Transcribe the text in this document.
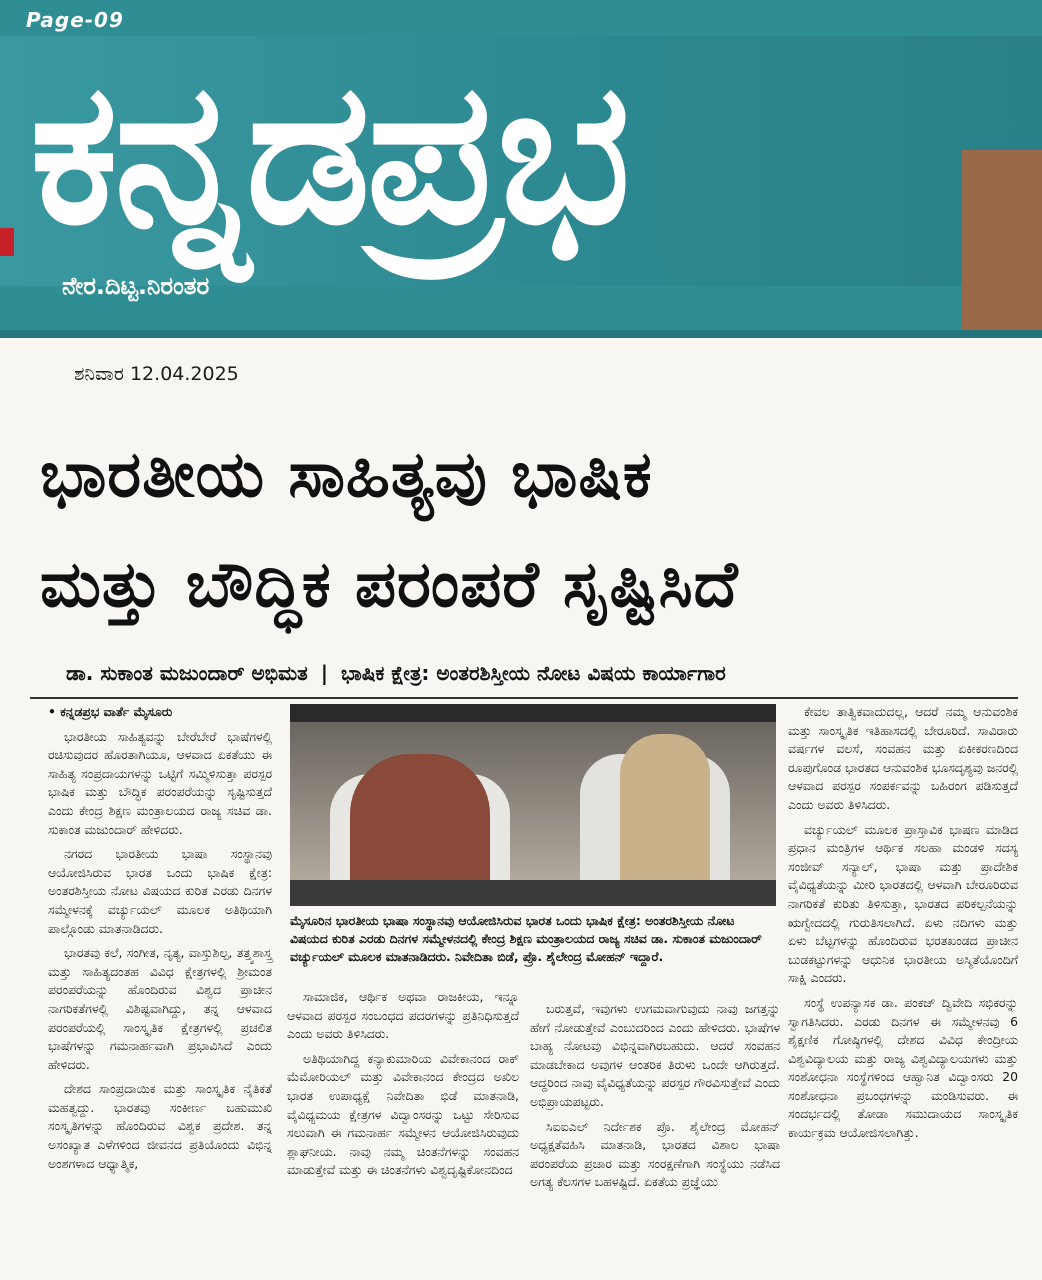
Page-09
ಕನ್ನಡಪ್ರಭ
ನೇರ.ದಿಟ್ಟ.ನಿರಂತರ
ಶನಿವಾರ 12.04.2025
ಭಾರತೀಯ ಸಾಹಿತ್ಯವು ಭಾಷಿಕ
ಮತ್ತು ಬೌದ್ಧಿಕ ಪರಂಪರೆ ಸೃಷ್ಟಿಸಿದೆ
ಡಾ. ಸುಕಾಂತ ಮಜುಂದಾರ್ ಅಭಿಮತ | ಭಾಷಿಕ ಕ್ಷೇತ್ರ: ಅಂತರಶಿಸ್ತೀಯ ನೋಟ ವಿಷಯ ಕಾರ್ಯಾಗಾರ

• ಕನ್ನಡಪ್ರಭ ವಾರ್ತೆ ಮೈಸೂರು

ಭಾರತೀಯ ಸಾಹಿತ್ಯವನ್ನು ಬೇರೆಬೇರೆ ಭಾಷೆಗಳಲ್ಲಿ ರಚಿಸುವುದರ ಹೊರತಾಗಿಯೂ, ಆಳವಾದ ಏಕತೆಯು ಈ ಸಾಹಿತ್ಯ ಸಂಪ್ರದಾಯಗಳನ್ನು ಒಟ್ಟಿಗೆ ಸಮ್ಮಿಳಿಸುತ್ತಾ ಪರಸ್ಪರ ಭಾಷಿಕ ಮತ್ತು ಬೌದ್ಧಿಕ ಪರಂಪರೆಯನ್ನು ಸೃಷ್ಟಿಸುತ್ತದೆ ಎಂದು ಕೇಂದ್ರ ಶಿಕ್ಷಣ ಮಂತ್ರಾಲಯದ ರಾಜ್ಯ ಸಚಿವ ಡಾ. ಸುಕಾಂತ ಮಜುಂದಾರ್ ಹೇಳಿದರು.

ನಗರದ ಭಾರತೀಯ ಭಾಷಾ ಸಂಸ್ಥಾನವು ಆಯೋಜಿಸಿರುವ ಭಾರತ ಒಂದು ಭಾಷಿಕ ಕ್ಷೇತ್ರ: ಅಂತರಶಿಸ್ತೀಯ ನೋಟ ವಿಷಯದ ಕುರಿತ ಎರಡು ದಿನಗಳ ಸಮ್ಮೇಳನಕ್ಕೆ ವರ್ಚ್ಯುಯಲ್ ಮೂಲಕ ಅತಿಥಿಯಾಗಿ ಪಾಲ್ಗೊಂಡು ಮಾತನಾಡಿದರು.

ಭಾರತವು ಕಲೆ, ಸಂಗೀತ, ನೃತ್ಯ, ವಾಸ್ತುಶಿಲ್ಪ, ತತ್ತ್ವಶಾಸ್ತ್ರ ಮತ್ತು ಸಾಹಿತ್ಯದಂತಹ ವಿವಿಧ ಕ್ಷೇತ್ರಗಳಲ್ಲಿ ಶ್ರೀಮಂತ ಪರಂಪರೆಯನ್ನು ಹೊಂದಿರುವ ವಿಶ್ವದ ಪ್ರಾಚೀನ ನಾಗರಿಕತೆಗಳಲ್ಲಿ ವಿಶಿಷ್ಟವಾಗಿದ್ದು, ತನ್ನ ಆಳವಾದ ಪರಂಪರೆಯಲ್ಲಿ ಸಾಂಸ್ಕೃತಿಕ ಕ್ಷೇತ್ರಗಳಲ್ಲಿ ಪ್ರಚಲಿತ ಭಾಷೆಗಳನ್ನು ಗಮನಾರ್ಹವಾಗಿ ಪ್ರಭಾವಿಸಿದೆ ಎಂದು ಹೇಳಿದರು.

ದೇಶದ ಸಾಂಪ್ರದಾಯಿಕ ಮತ್ತು ಸಾಂಸ್ಕೃತಿಕ ನೈತಿಕತೆ ಮಹತ್ವದ್ದು. ಭಾರತವು ಸಂಕೀರ್ಣ ಬಹುಮುಖಿ ಸಂಸ್ಕೃತಿಗಳನ್ನು ಹೊಂದಿರುವ ವಿಶ್ವಕ ಪ್ರದೇಶ. ತನ್ನ ಅಸಂಖ್ಯಾತ ಎಳೆಗಳಿಂದ ಜೀವನದ ಪ್ರತಿಯೊಂದು ವಿಭಿನ್ನ ಅಂಶಗಳಾದ ಆಧ್ಯಾತ್ಮಿಕ,

ಮೈಸೂರಿನ ಭಾರತೀಯ ಭಾಷಾ ಸಂಸ್ಥಾನವು ಆಯೋಜಿಸಿರುವ ಭಾರತ ಒಂದು ಭಾಷಿಕ ಕ್ಷೇತ್ರ: ಅಂತರಶಿಸ್ತೀಯ ನೋಟ ವಿಷಯದ ಕುರಿತ ಎರಡು ದಿನಗಳ ಸಮ್ಮೇಳನದಲ್ಲಿ ಕೇಂದ್ರ ಶಿಕ್ಷಣ ಮಂತ್ರಾಲಯದ ರಾಜ್ಯ ಸಚಿವ ಡಾ. ಸುಕಾಂತ ಮಜುಂದಾರ್ ವರ್ಚ್ಯುಯಲ್ ಮೂಲಕ ಮಾತನಾಡಿದರು. ನಿವೇದಿತಾ ಬಿಡೆ, ಪ್ರೊ. ಶೈಲೇಂದ್ರ ಮೋಹನ್ ಇದ್ದಾರೆ.

ಸಾಮಾಜಿಕ, ಆರ್ಥಿಕ ಅಥವಾ ರಾಜಕೀಯ, ಇನ್ನೂ ಆಳವಾದ ಪರಸ್ಪರ ಸಂಬಂಧದ ಪದರಗಳನ್ನು ಪ್ರತಿನಿಧಿಸುತ್ತದೆ ಎಂದು ಅವರು ತಿಳಿಸಿದರು.

ಅತಿಥಿಯಾಗಿದ್ದ ಕನ್ಯಾಕುಮಾರಿಯ ವಿವೇಕಾನಂದ ರಾಕ್ ಮೆಮೋರಿಯಲ್ ಮತ್ತು ವಿವೇಕಾನಂದ ಕೇಂದ್ರದ ಅಖಿಲ ಭಾರತ ಉಪಾಧ್ಯಕ್ಷೆ ನಿವೇದಿತಾ ಭಿಡೆ ಮಾತನಾಡಿ, ವೈವಿಧ್ಯಮಯ ಕ್ಷೇತ್ರಗಳ ವಿದ್ವಾಂಸರನ್ನು ಒಟ್ಟು ಸೇರಿಸುವ ಸಲುವಾಗಿ ಈ ಗಮನಾರ್ಹ ಸಮ್ಮೇಳನ ಆಯೋಜಿಸಿರುವುದು ಶ್ಲಾಘನೀಯ. ನಾವು ನಮ್ಮ ಚಿಂತನೆಗಳನ್ನು ಸಂವಹನ ಮಾಡುತ್ತೇವೆ ಮತ್ತು ಈ ಚಿಂತನೆಗಳು ವಿಶ್ವದೃಷ್ಟಿಕೋನದಿಂದ

ಬರುತ್ತವೆ, ಇವುಗಳು ಉಗಮವಾಗುವುದು ನಾವು ಜಗತ್ತನ್ನು ಹೇಗೆ ನೋಡುತ್ತೇವೆ ಎಂಬುದರಿಂದ ಎಂದು ಹೇಳಿದರು. ಭಾಷೆಗಳ ಬಾಹ್ಯ ನೋಟವು ವಿಭಿನ್ನವಾಗಿರಬಹುದು. ಆದರೆ ಸಂವಹನ ಮಾಡಬೇಕಾದ ಅವುಗಳ ಆಂತರಿಕ ತಿರುಳು ಒಂದೇ ಆಗಿರುತ್ತದೆ. ಆದ್ದರಿಂದ ನಾವು ವೈವಿಧ್ಯತೆಯನ್ನು ಪರಸ್ಪರ ಗೌರವಿಸುತ್ತೇವೆ ಎಂದು ಅಭಿಪ್ರಾಯಪಟ್ಟರು.

ಸಿಐಐಎಲ್ ನಿರ್ದೇಶಕ ಪ್ರೊ. ಶೈಲೇಂದ್ರ ಮೋಹನ್ ಅಧ್ಯಕ್ಷತೆವಹಿಸಿ ಮಾತನಾಡಿ, ಭಾರತದ ವಿಶಾಲ ಭಾಷಾ ಪರಂಪರೆಯ ಪ್ರಚಾರ ಮತ್ತು ಸಂರಕ್ಷಣೆಗಾಗಿ ಸಂಸ್ಥೆಯು ನಡೆಸಿದ ಅಗತ್ಯ ಕೆಲಸಗಳ ಬಹಳಷ್ಟಿದೆ. ಏಕತೆಯ ಪ್ರಜ್ಞೆಯು

ಕೇವಲ ತಾತ್ವಿಕವಾದುದಲ್ಲ, ಆದರೆ ನಮ್ಮ ಆನುವಂಶಿಕ ಮತ್ತು ಸಾಂಸ್ಕೃತಿಕ ಇತಿಹಾಸದಲ್ಲಿ ಬೇರೂರಿದೆ. ಸಾವಿರಾರು ವರ್ಷಗಳ ವಲಸೆ, ಸಂವಹನ ಮತ್ತು ಏಕೀಕರಣದಿಂದ ರೂಪುಗೊಂಡ ಭಾರತದ ಆನುವಂಶಿಕ ಭೂಸದೃಶ್ಯವು ಜನರಲ್ಲಿ ಆಳವಾದ ಪರಸ್ಪರ ಸಂಪರ್ಕವನ್ನು ಬಹಿರಂಗ ಪಡಿಸುತ್ತದೆ ಎಂದು ಅವರು ತಿಳಿಸಿದರು.

ವರ್ಚ್ಯುಯಲ್ ಮೂಲಕ ಪ್ರಾಸ್ತಾವಿಕ ಭಾಷಣ ಮಾಡಿದ ಪ್ರಧಾನ ಮಂತ್ರಿಗಳ ಆರ್ಥಿಕ ಸಲಹಾ ಮಂಡಳಿ ಸದಸ್ಯ ಸಂಜೀವ್ ಸನ್ಯಾಲ್, ಭಾಷಾ ಮತ್ತು ಪ್ರಾದೇಶಿಕ ವೈವಿಧ್ಯತೆಯನ್ನು ಮೀರಿ ಭಾರತದಲ್ಲಿ ಆಳವಾಗಿ ಬೇರೂರಿರುವ ನಾಗರಿಕತೆ ಕುರಿತು ತಿಳಿಸುತ್ತಾ, ಭಾರತದ ಪರಿಕಲ್ಪನೆಯನ್ನು ಋಗ್ವೇದದಲ್ಲಿ ಗುರುತಿಸಲಾಗಿದೆ. ಏಳು ನದಿಗಳು ಮತ್ತು ಏಳು ಬೆಟ್ಟಗಳನ್ನು ಹೊಂದಿರುವ ಭರತಖಂಡದ ಪ್ರಾಚೀನ ಬುಡಕಟ್ಟುಗಳನ್ನು ಆಧುನಿಕ ಭಾರತೀಯ ಅಸ್ಮಿತೆಯೊಂದಿಗೆ ಸಾಕ್ಷಿ ಎಂದರು.

ಸಂಸ್ಥೆ ಉಪನ್ಯಾಸಕ ಡಾ. ಪಂಕಜ್ ದ್ವಿವೇದಿ ಸಭಿಕರನ್ನು ಸ್ವಾಗತಿಸಿದರು. ಎರಡು ದಿನಗಳ ಈ ಸಮ್ಮೇಳನವು 6 ಶೈಕ್ಷಣಿಕ ಗೋಷ್ಠಿಗಳಲ್ಲಿ ದೇಶದ ವಿವಿಧ ಕೇಂದ್ರೀಯ ವಿಶ್ವವಿದ್ಯಾಲಯ ಮತ್ತು ರಾಜ್ಯ ವಿಶ್ವವಿದ್ಯಾಲಯಗಳು ಮತ್ತು ಸಂಶೋಧನಾ ಸಂಸ್ಥೆಗಳಿಂದ ಆಹ್ವಾನಿತ ವಿದ್ವಾಂಸರು 20 ಸಂಶೋಧನಾ ಪ್ರಬಂಧಗಳನ್ನು ಮಂಡಿಸುವರು. ಈ ಸಂದರ್ಭದಲ್ಲಿ ತೋಡಾ ಸಮುದಾಯದ ಸಾಂಸ್ಕೃತಿಕ ಕಾರ್ಯಕ್ರಮ ಆಯೋಜಿಸಲಾಗಿತ್ತು.
